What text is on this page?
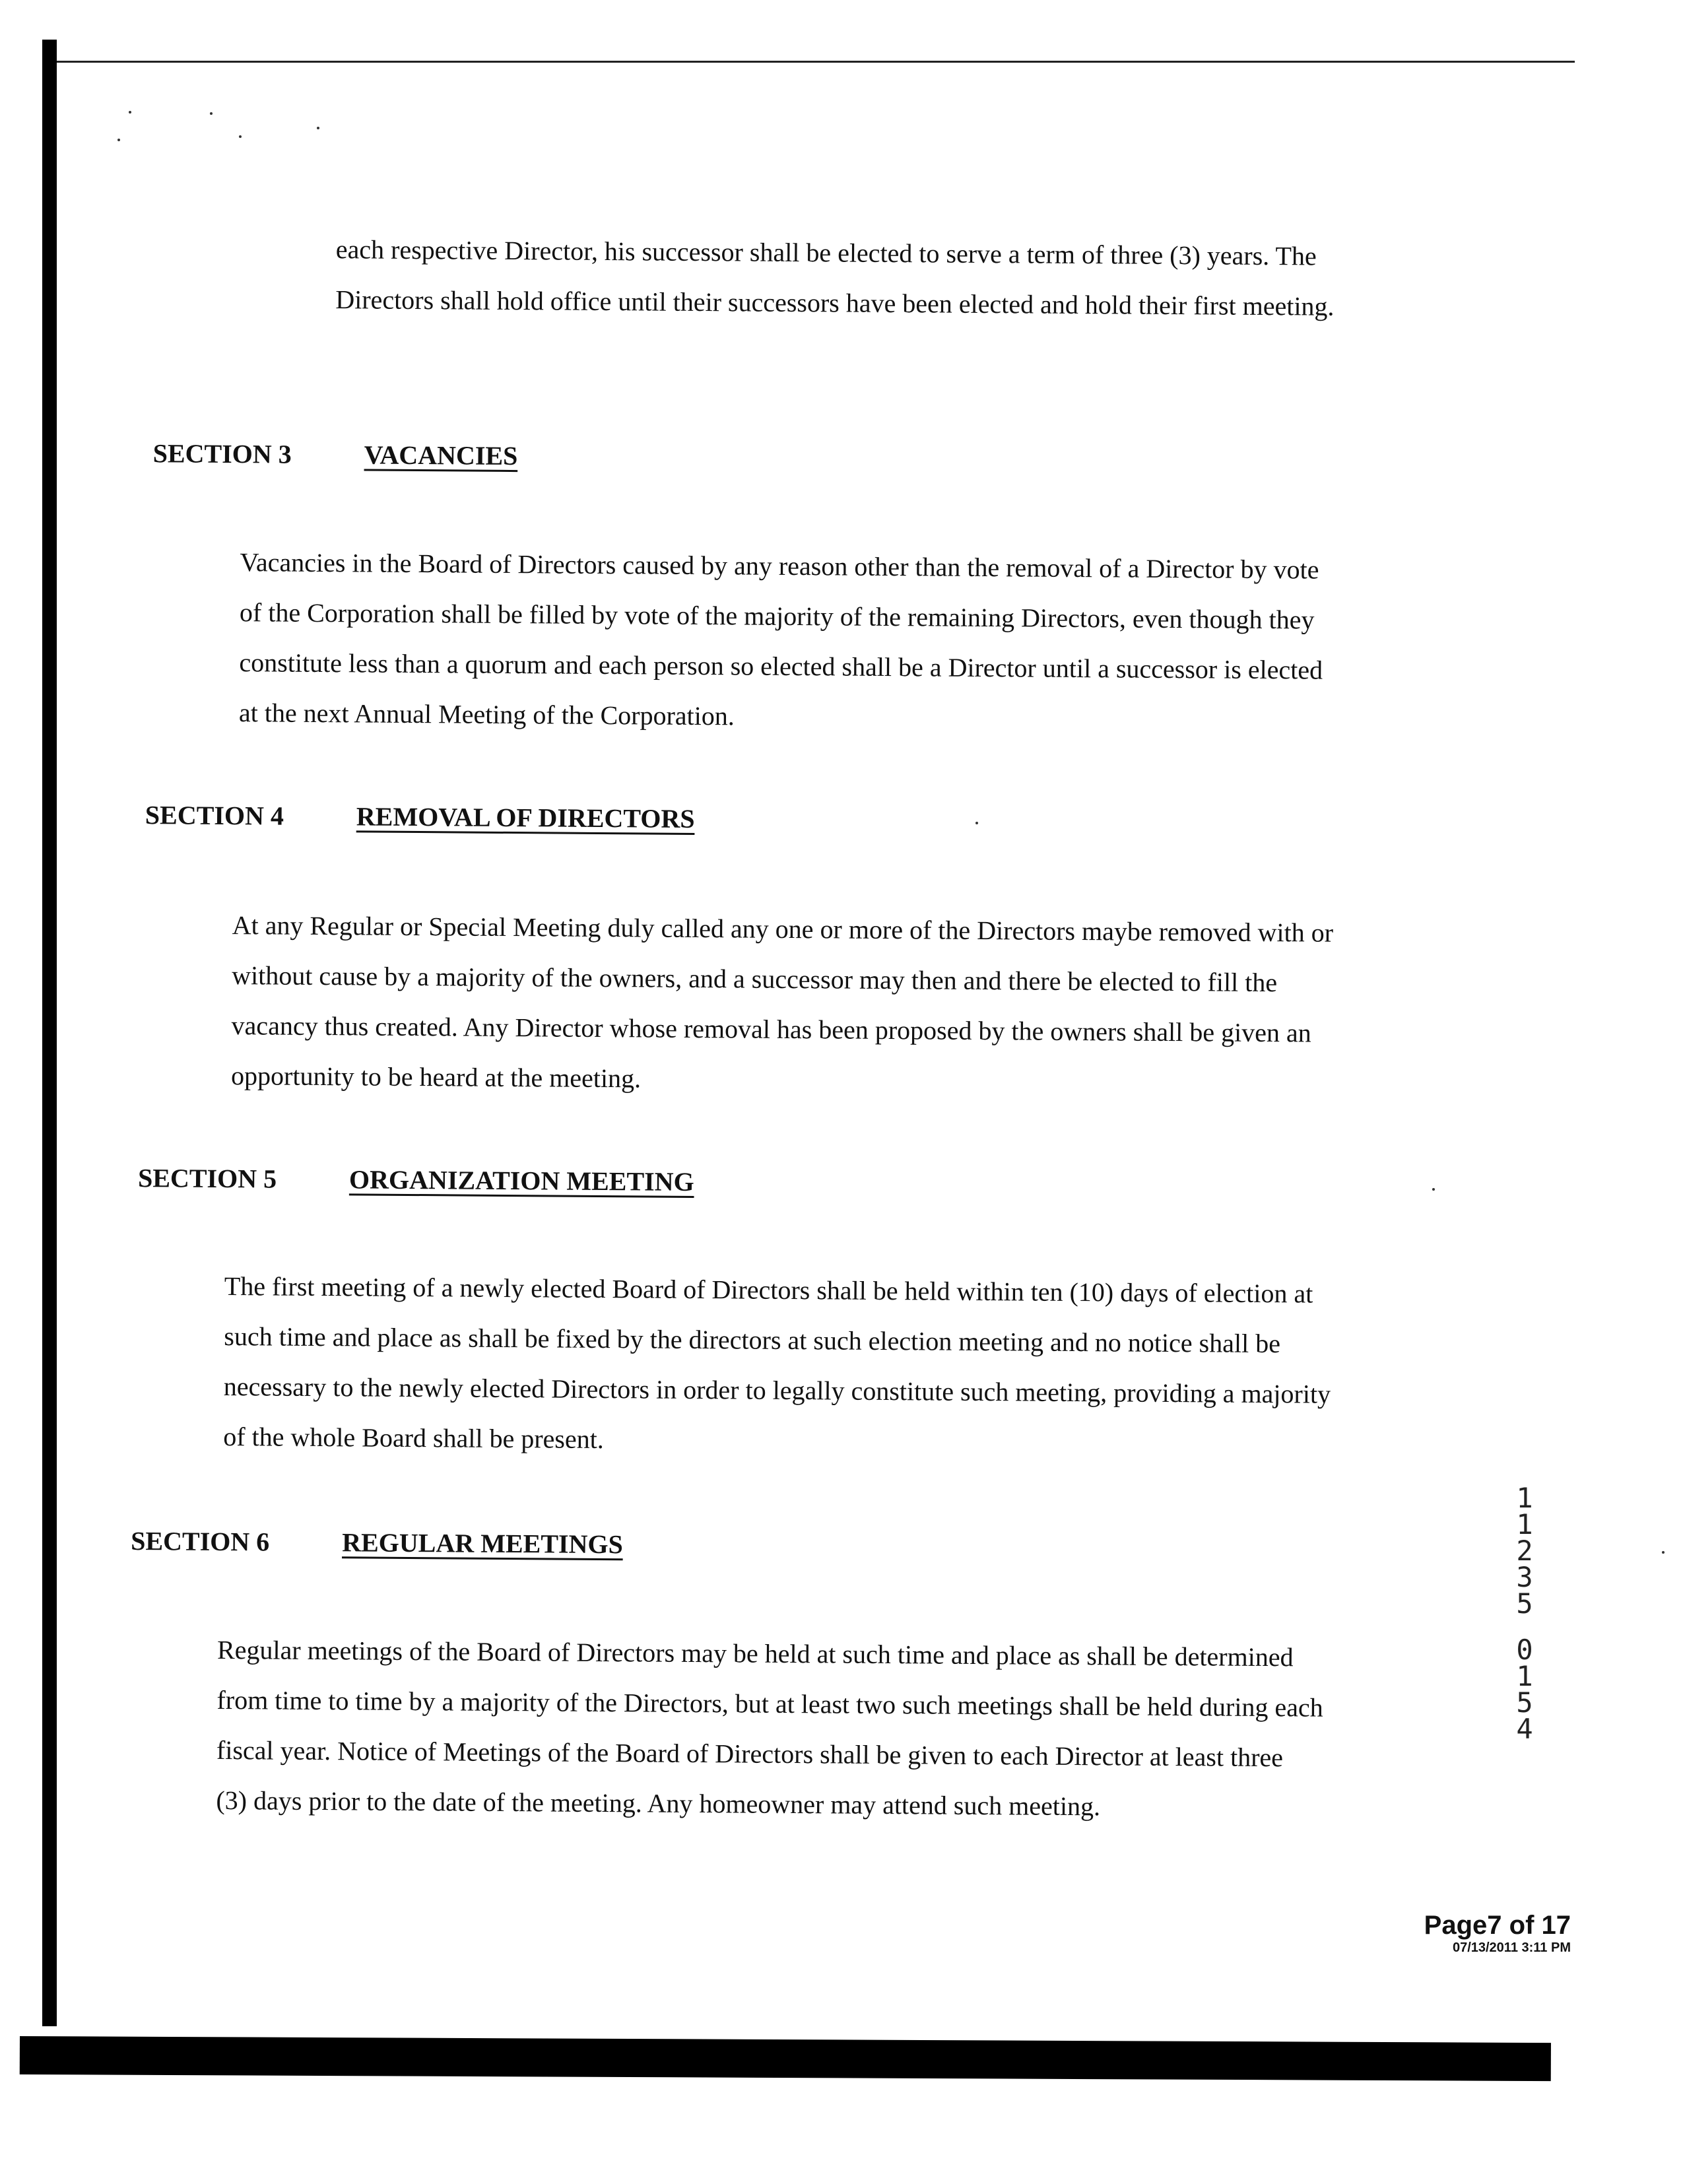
each respective Director, his successor shall be elected to serve a term of three (3) years. The
Directors shall hold office until their successors have been elected and hold their first meeting.
SECTION 3	VACANCIES
Vacancies in the Board of Directors caused by any reason other than the removal of a Director by vote
of the Corporation shall be filled by vote of the majority of the remaining Directors, even though they
constitute less than a quorum and each person so elected shall be a Director until a successor is elected
at the next Annual Meeting of the Corporation.
SECTION 4	REMOVAL OF DIRECTORS
At any Regular or Special Meeting duly called any one or more of the Directors maybe removed with or
without cause by a majority of the owners, and a successor may then and there be elected to fill the
vacancy thus created. Any Director whose removal has been proposed by the owners shall be given an
opportunity to be heard at the meeting.
SECTION 5	ORGANIZATION MEETING
The first meeting of a newly elected Board of Directors shall be held within ten (10) days of election at
such time and place as shall be fixed by the directors at such election meeting and no notice shall be
necessary to the newly elected Directors in order to legally constitute such meeting, providing a majority
of the whole Board shall be present.
SECTION 6	REGULAR MEETINGS
Regular meetings of the Board of Directors may be held at such time and place as shall be determined
from time to time by a majority of the Directors, but at least two such meetings shall be held during each
fiscal year. Notice of Meetings of the Board of Directors shall be given to each Director at least three
(3) days prior to the date of the meeting. Any homeowner may attend such meeting.
1
1
2
3
5
0
1
5
4
Page7 of 17
07/13/2011 3:11 PM
